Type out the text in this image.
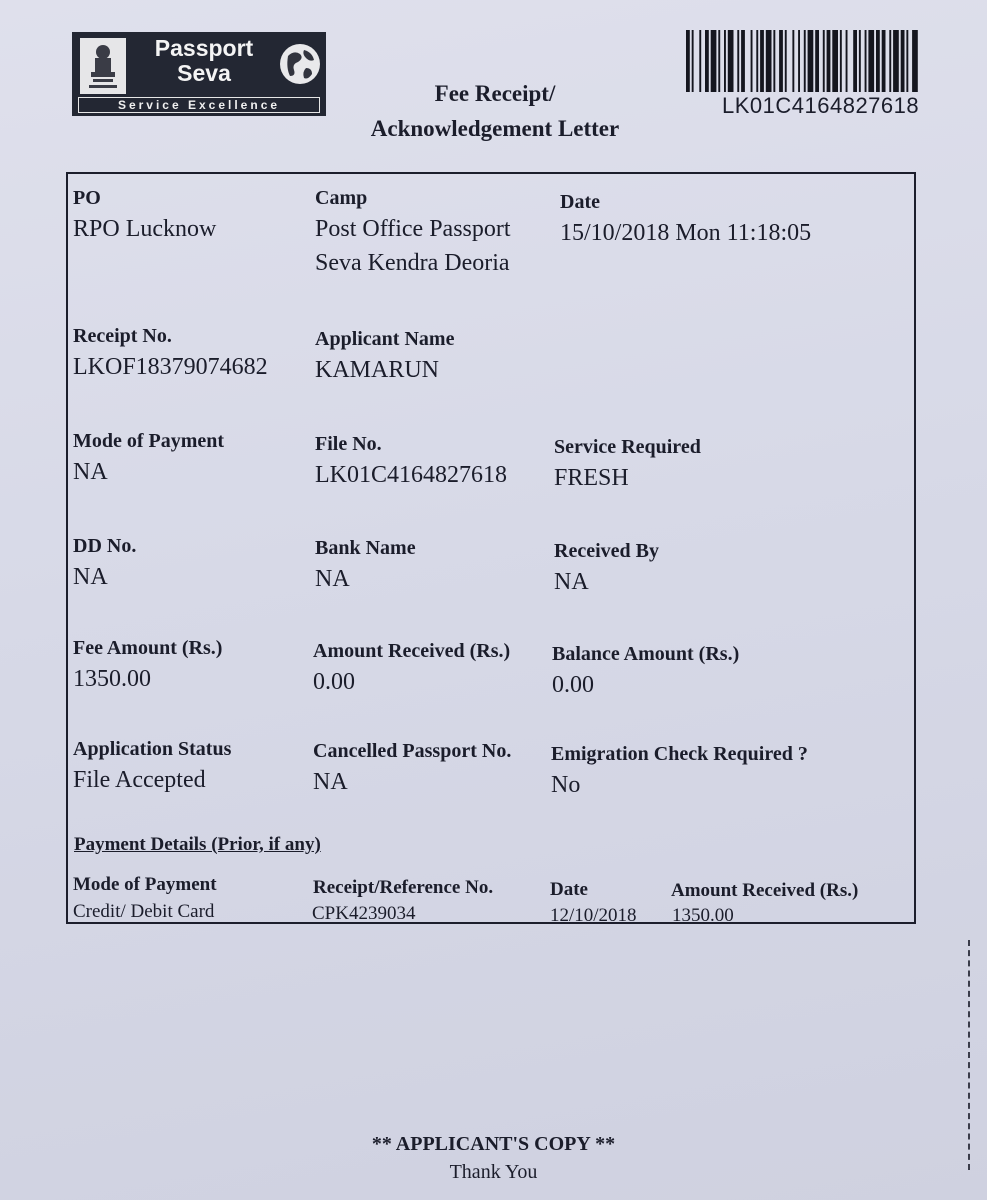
Passport
Seva
Service Excellence	Fee Receipt/
Acknowledgement Letter
LK01C4164827618
PO
RPO Lucknow
Camp
Post Office Passport
Seva Kendra Deoria
Date
15/10/2018 Mon 11:18:05
Receipt No.
LKOF18379074682
Applicant Name
KAMARUN
Mode of Payment
NA
File No.
LK01C4164827618
Service Required
FRESH
DD No.
NA
Bank Name
NA
Received By
NA
Fee Amount (Rs.)
1350.00
Amount Received (Rs.)
0.00
Balance Amount (Rs.)
0.00
Application Status
File Accepted
Cancelled Passport No.
NA
Emigration Check Required ?
No
Payment Details (Prior, if any)
Mode of Payment	Receipt/Reference No.	Date	Amount Received (Rs.)
Credit/ Debit Card	CPK4239034	12/10/2018 1350.00
** APPLICANT'S COPY **
Thank You
